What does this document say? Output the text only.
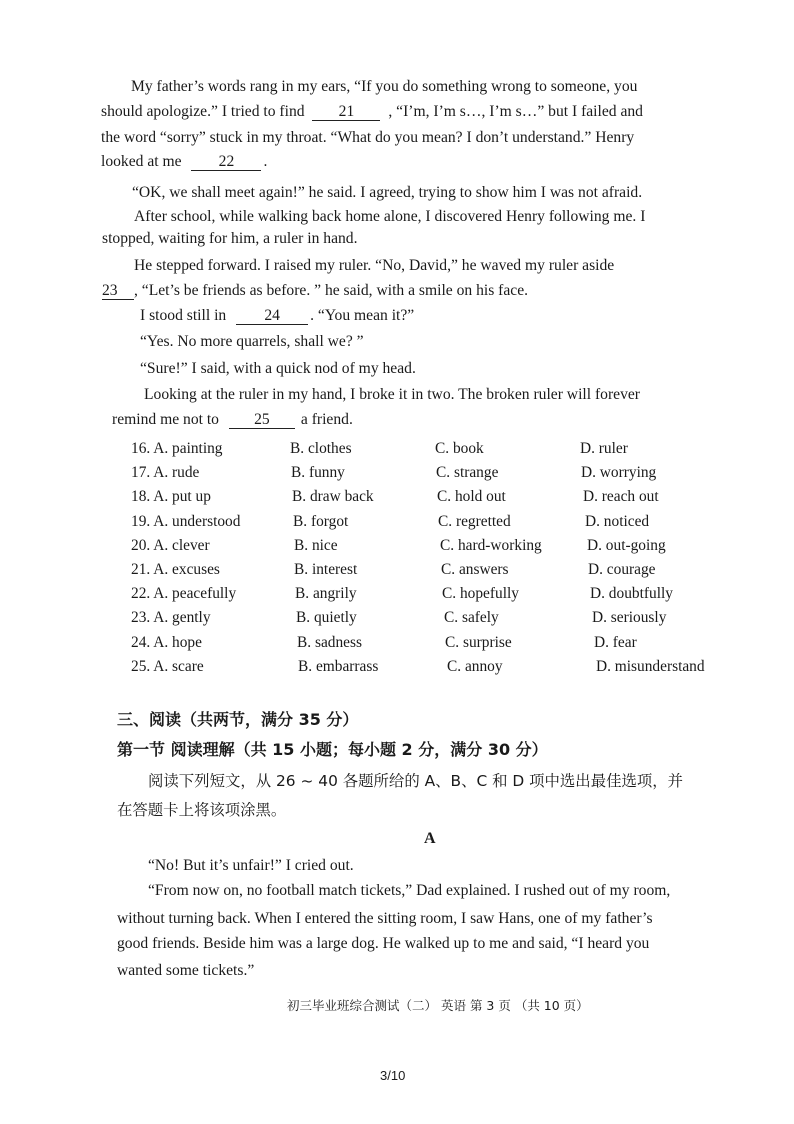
My father’s words rang in my ears, “If you do something wrong to someone, you
should apologize.” I tried to find 21 , “I’m, I’m s…, I’m s…” but I failed and
the word “sorry” stuck in my throat. “What do you mean? I don’t understand.” Henry
looked at me 22 .
“OK, we shall meet again!” he said. I agreed, trying to show him I was not afraid.
After school, while walking back home alone, I discovered Henry following me. I
stopped, waiting for him, a ruler in hand.
He stepped forward. I raised my ruler. “No, David,” he waved my ruler aside
23 , “Let’s be friends as before. ” he said, with a smile on his face.
I stood still in 24 . “You mean it?”
“Yes. No more quarrels, shall we? ”
“Sure!” I said, with a quick nod of my head.
Looking at the ruler in my hand, I broke it in two. The broken ruler will forever
remind me not to 25 a friend.
16. A. painting	B. clothes	C. book	D. ruler
17. A. rude	B. funny	C. strange	D. worrying
18. A. put up	B. draw back	C. hold out	D. reach out
19. A. understood	B. forgot	C. regretted	D. noticed
20. A. clever	B. nice	C. hard-working	D. out-going
21. A. excuses	B. interest	C. answers	D. courage
22. A. peacefully	B. angrily	C. hopefully	D. doubtfully
23. A. gently	B. quietly	C. safely	D. seriously
24. A. hope	B. sadness	C. surprise	D. fear
25. A. scare	B. embarrass	C. annoy	D. misunderstand
三、阅读（共两节，满分 35 分）
第一节 阅读理解（共 15 小题；每小题 2 分，满分 30 分）
阅读下列短文，从 26 ~ 40 各题所给的 A、B、C 和 D 项中选出最佳选项，并
在答题卡上将该项涂黑。
A
“No! But it’s unfair!” I cried out.
“From now on, no football match tickets,” Dad explained. I rushed out of my room,
without turning back. When I entered the sitting room, I saw Hans, one of my father’s
good friends. Beside him was a large dog. He walked up to me and said, “I heard you
wanted some tickets.”
初三毕业班综合测试（二） 英语 第 3 页 （共 10 页）
3/10
